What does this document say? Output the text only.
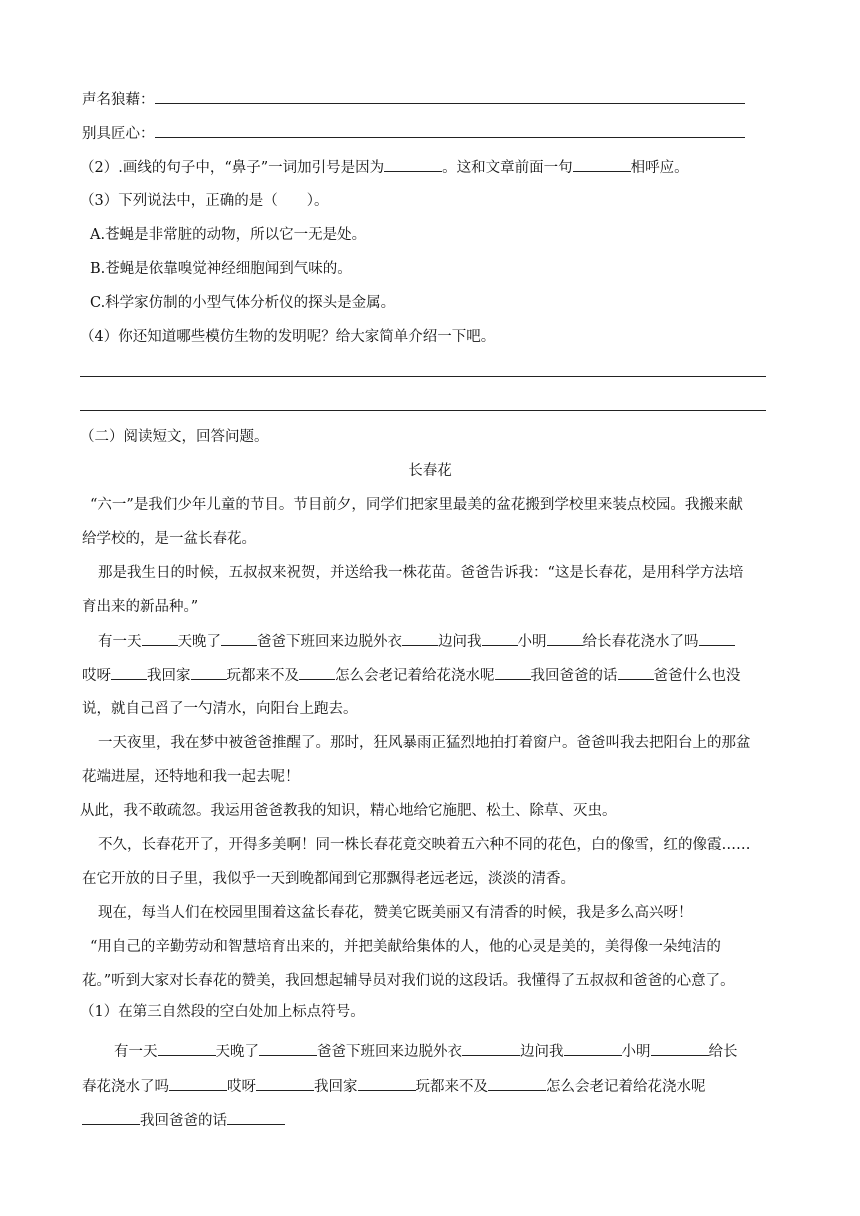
声名狼藉：
别具匠心：
（2）.画线的句子中，“鼻子”一词加引号是因为	。这和文章前面一句	相呼应。
（3）下列说法中，正确的是（　　）。
A.苍蝇是非常脏的动物，所以它一无是处。
B.苍蝇是依靠嗅觉神经细胞闻到气味的。
C.科学家仿制的小型气体分析仪的探头是金属。
（4）你还知道哪些模仿生物的发明呢？给大家简单介绍一下吧。
（二）阅读短文，回答问题。
长春花
“六一”是我们少年儿童的节目。节目前夕，同学们把家里最美的盆花搬到学校里来装点校园。我搬来献
给学校的，是一盆长春花。
那是我生日的时候，五叔叔来祝贺，并送给我一株花苗。爸爸告诉我：“这是长春花，是用科学方法培
育出来的新品种。”
有一天 天晚了 爸爸下班回来边脱外衣 边问我 小明 给长春花浇水了吗
哎呀 我回家 玩都来不及 怎么会老记着给花浇水呢 我回爸爸的话 爸爸什么也没
说，就自己舀了一勺清水，向阳台上跑去。
一天夜里，我在梦中被爸爸推醒了。那时，狂风暴雨正猛烈地拍打着窗户。爸爸叫我去把阳台上的那盆
花端进屋，还特地和我一起去呢！
从此，我不敢疏忽。我运用爸爸教我的知识，精心地给它施肥、松土、除草、灭虫。
不久，长春花开了，开得多美啊！同一株长春花竟交映着五六种不同的花色，白的像雪，红的像霞……
在它开放的日子里，我似乎一天到晚都闻到它那飘得老远老远，淡淡的清香。
现在，每当人们在校园里围着这盆长春花，赞美它既美丽又有清香的时候，我是多么高兴呀！
“用自己的辛勤劳动和智慧培育出来的，并把美献给集体的人，他的心灵是美的，美得像一朵纯洁的
花。”听到大家对长春花的赞美，我回想起辅导员对我们说的这段话。我懂得了五叔叔和爸爸的心意了。
（1）在第三自然段的空白处加上标点符号。
有一天	天晚了	爸爸下班回来边脱外衣	边问我	小明	给长
春花浇水了吗	哎呀	我回家	玩都来不及	怎么会老记着给花浇水呢
我回爸爸的话
